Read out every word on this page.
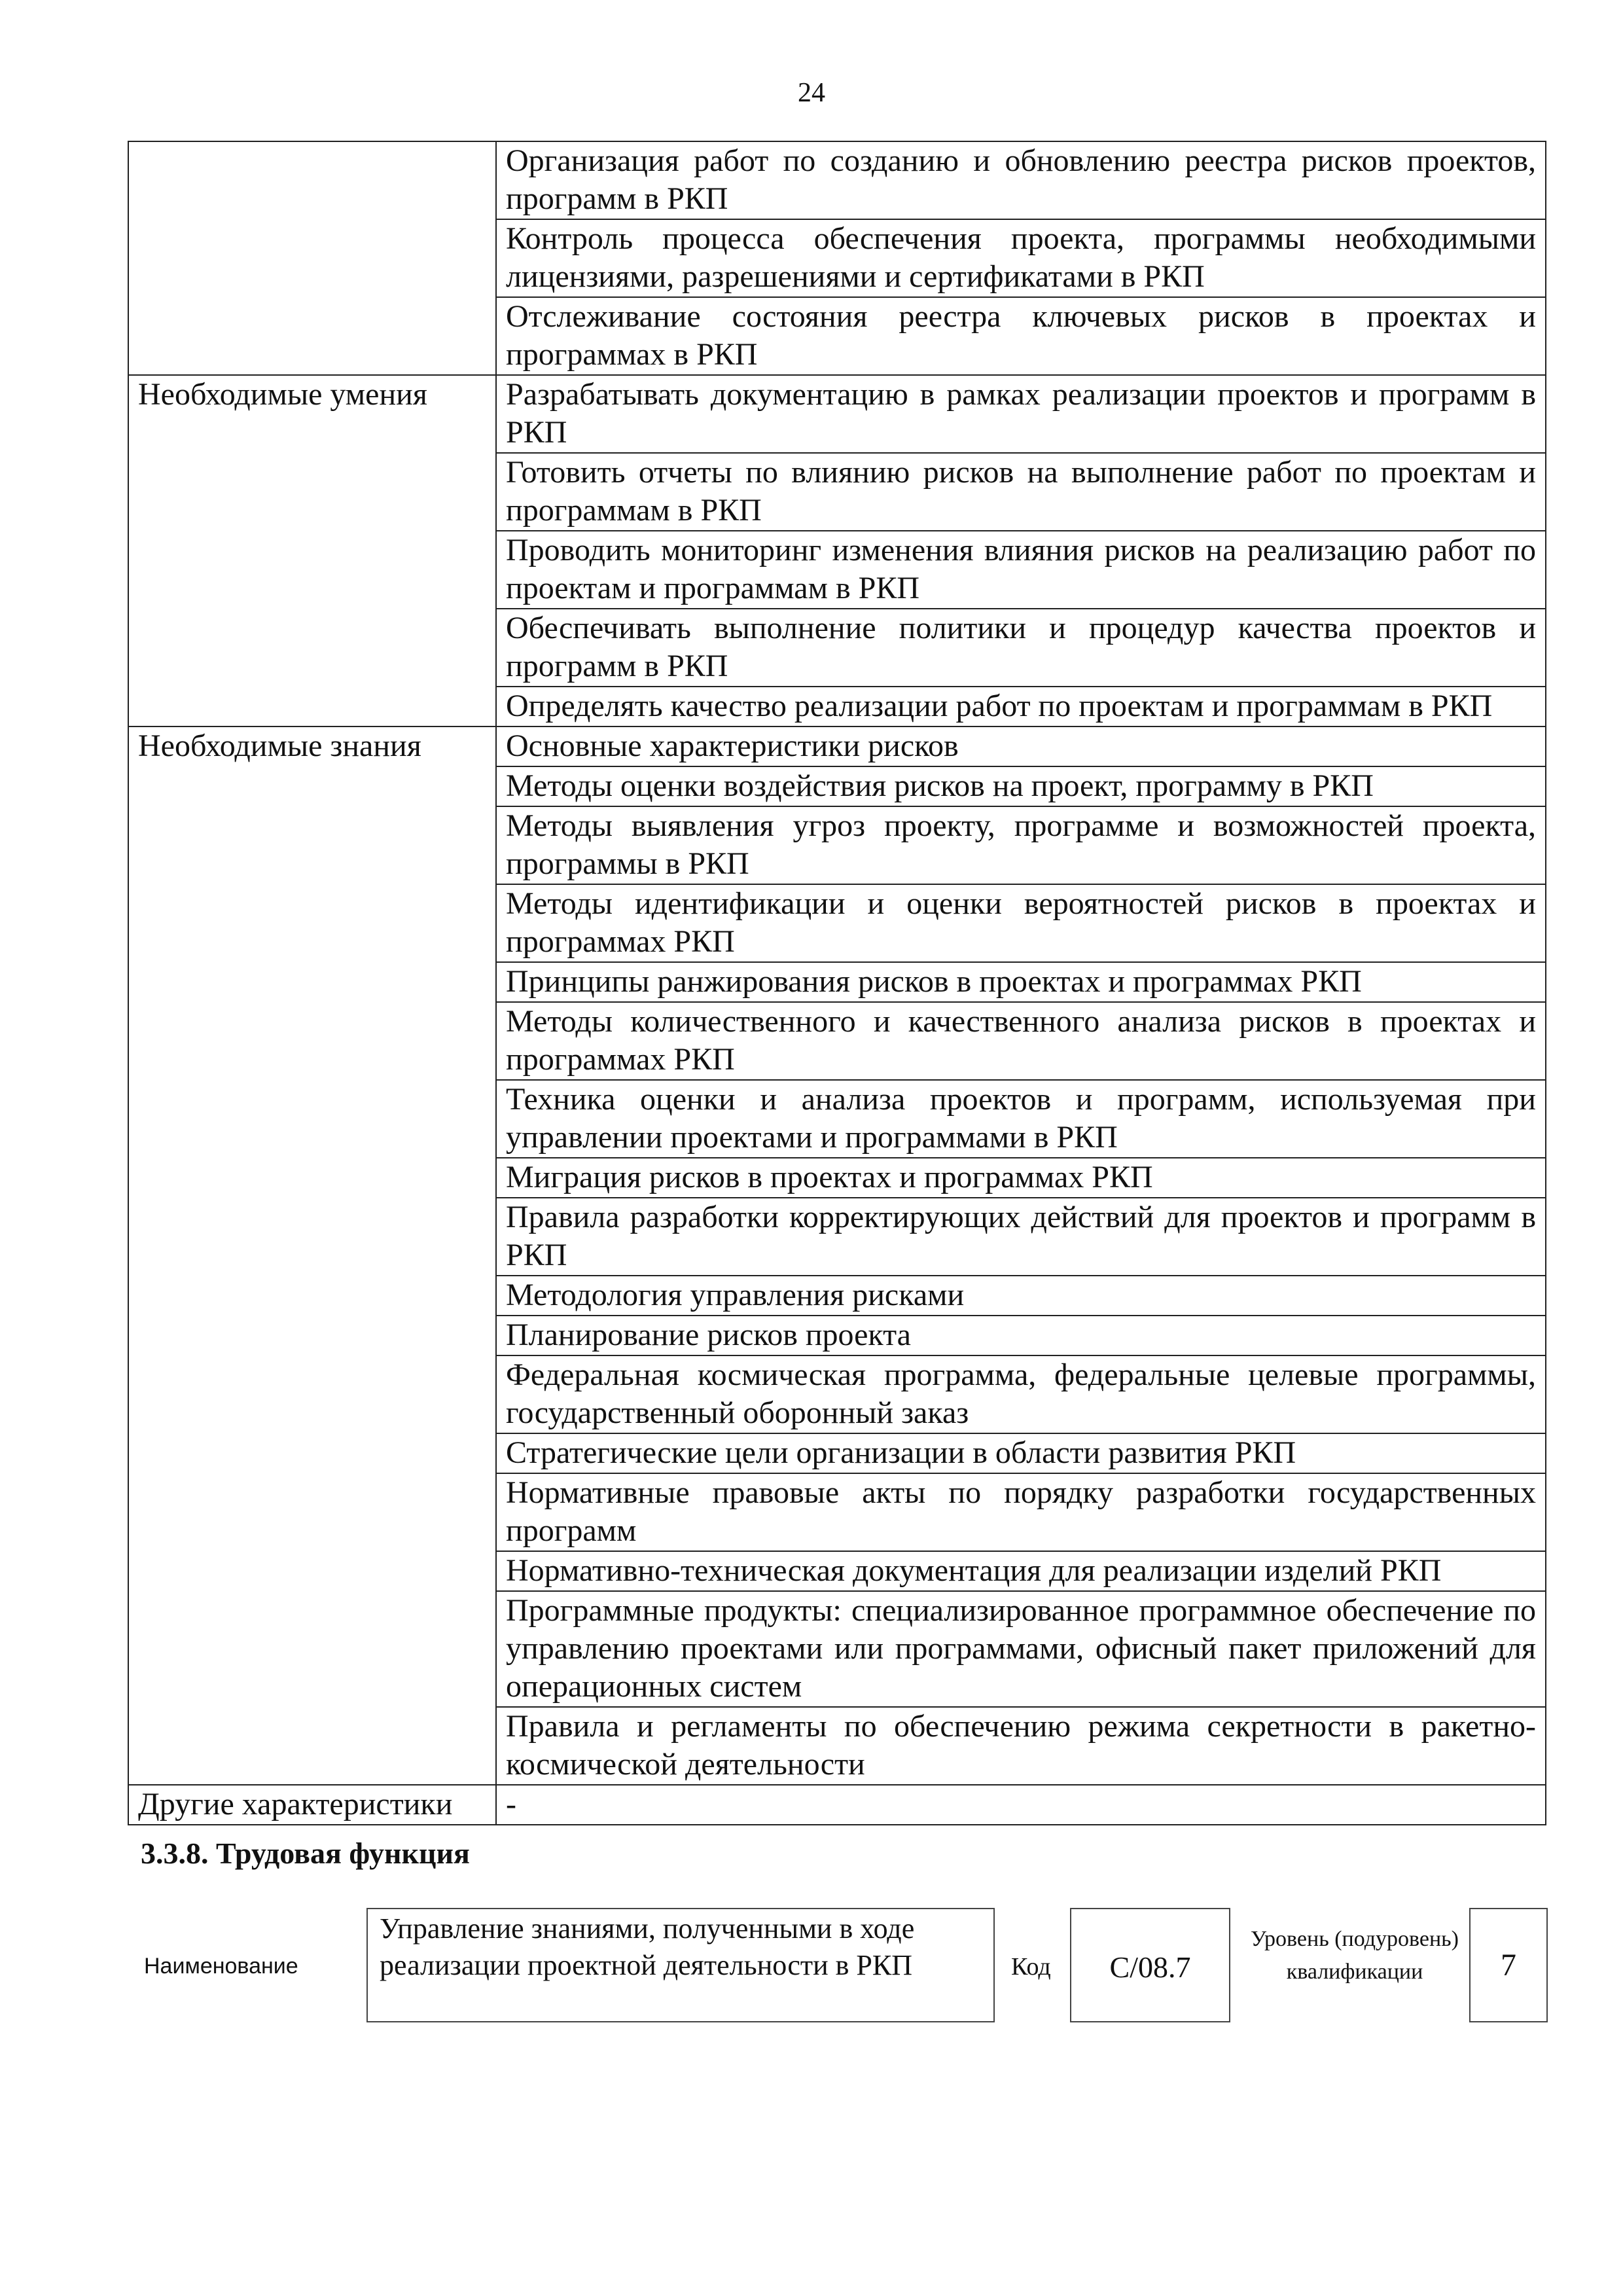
24
	Организация работ по созданию и обновлению реестра рисков проектов, программ в РКП
	Контроль процесса обеспечения проекта, программы необходимыми лицензиями, разрешениями и сертификатами в РКП
	Отслеживание состояния реестра ключевых рисков в проектах и программах в РКП
Необходимые умения	Разрабатывать документацию в рамках реализации проектов и программ в РКП
	Готовить отчеты по влиянию рисков на выполнение работ по проектам и программам в РКП
	Проводить мониторинг изменения влияния рисков на реализацию работ по проектам и программам в РКП
	Обеспечивать выполнение политики и процедур качества проектов и программ в РКП
	Определять качество реализации работ по проектам и программам в РКП
Необходимые знания	Основные характеристики рисков
	Методы оценки воздействия рисков на проект, программу в РКП
	Методы выявления угроз проекту, программе и возможностей проекта, программы в РКП
	Методы идентификации и оценки вероятностей рисков в проектах и программах РКП
	Принципы ранжирования рисков в проектах и программах РКП
	Методы количественного и качественного анализа рисков в проектах и программах РКП
	Техника оценки и анализа проектов и программ, используемая при управлении проектами и программами в РКП
	Миграция рисков в проектах и программах РКП
	Правила разработки корректирующих действий для проектов и программ в РКП
	Методология управления рисками
	Планирование рисков проекта
	Федеральная космическая программа, федеральные целевые программы, государственный оборонный заказ
	Стратегические цели организации в области развития РКП
	Нормативные правовые акты по порядку разработки государственных программ
	Нормативно-техническая документация для реализации изделий РКП
	Программные продукты: специализированное программное обеспечение по управлению проектами или программами, офисный пакет приложений для операционных систем
	Правила и регламенты по обеспечению режима секретности в ракетно-космической деятельности
Другие характеристики	-
3.3.8. Трудовая функция
Наименование
Управление знаниями, полученными в ходе реализации проектной деятельности в РКП	Код	C/08.7
Уровень (подуровень) квалификации	7
